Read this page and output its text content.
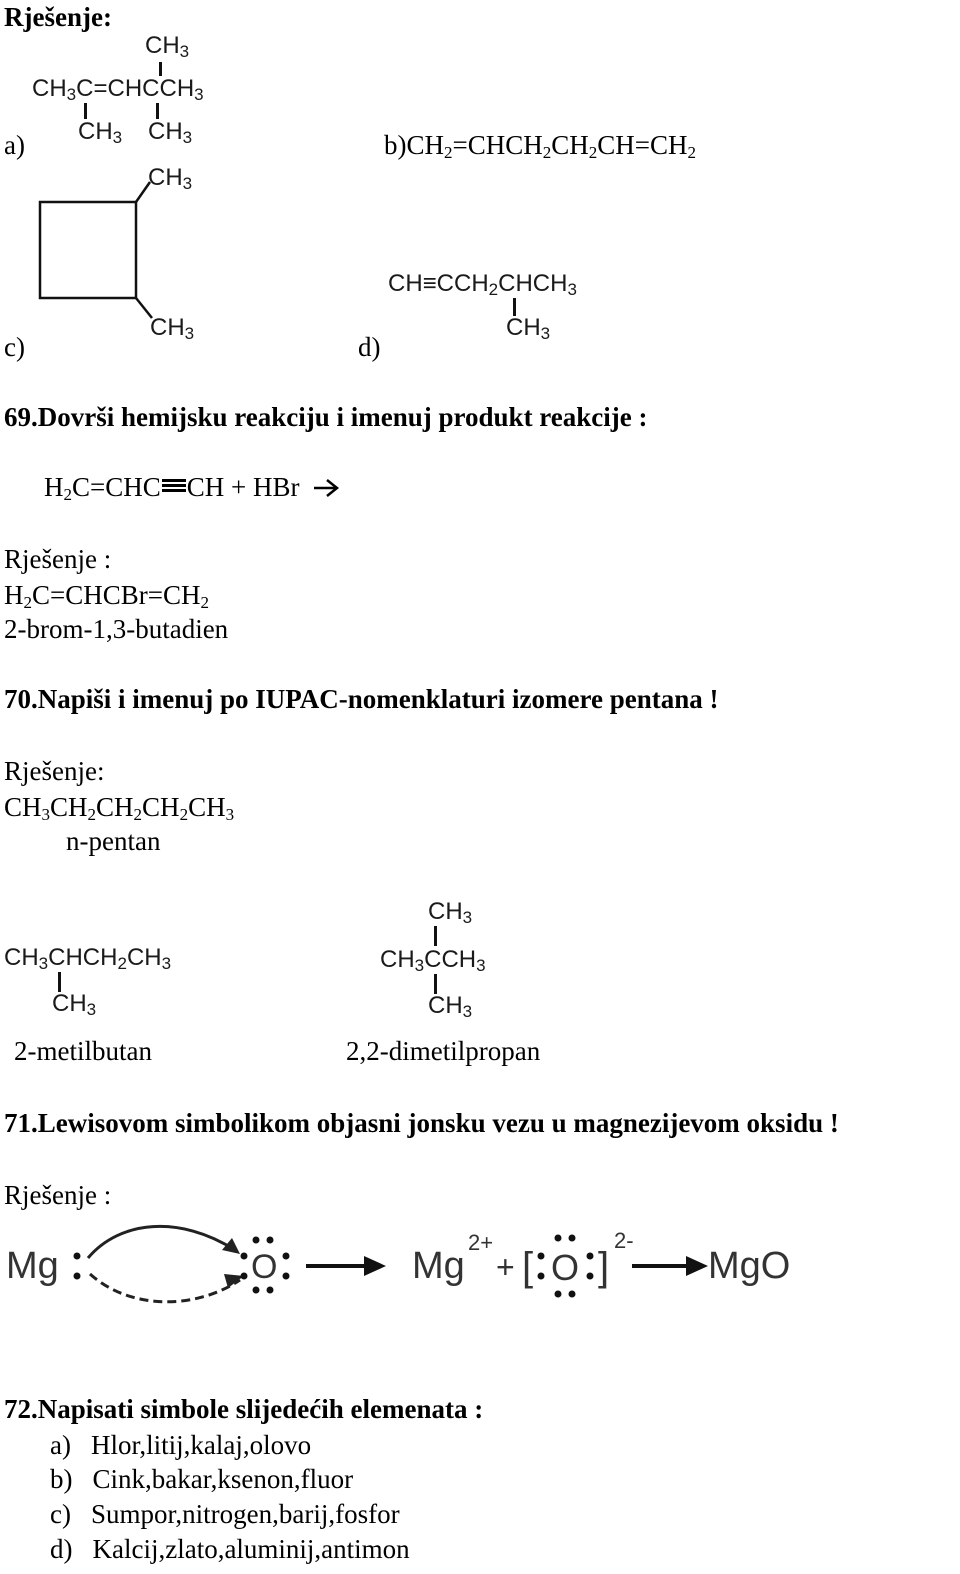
Rješenje:
$CH_3$
$CH_3C=CHCCH_3$
$CH_3$ $CH_3$
a)	$b)CH_2=CHCH_2CH_2CH=CH_2$
$CH_3$
$CH_3$
c)
$CH\equiv CCH_2CHCH_3$
$CH_3$
d)
69.Dovrši hemijsku reakciju i imenuj produkt reakcije :
$H_2C=CHC$ CH + HBr →
Rješenje :
$H_2C=CHCBr=CH_2$
2-brom-1,3-butadien
70.Napiši i imenuj po IUPAC-nomenklaturi izomere pentana !
Rješenje:
$CH_3CH_2CH_2CH_2CH_3$
n-pentan
$CH_3CHCH_2CH_3$
$CH_3$
2-metilbutan
$CH_3$
$CH_3CCH_3$
$CH_3$
2,2-dimetilpropan
71.Lewisovom simbolikom objasni jonsku vezu u magnezijevom oksidu !
Rješenje :
Mg	O	Mg
2+
+ [ O ]
2-
MgO
72.Napisati simbole slijedećih elemenata :
a) Hlor,litij,kalaj,olovo
b) Cink,bakar,ksenon,fluor
c) Sumpor,nitrogen,barij,fosfor
d) Kalcij,zlato,aluminij,antimon
